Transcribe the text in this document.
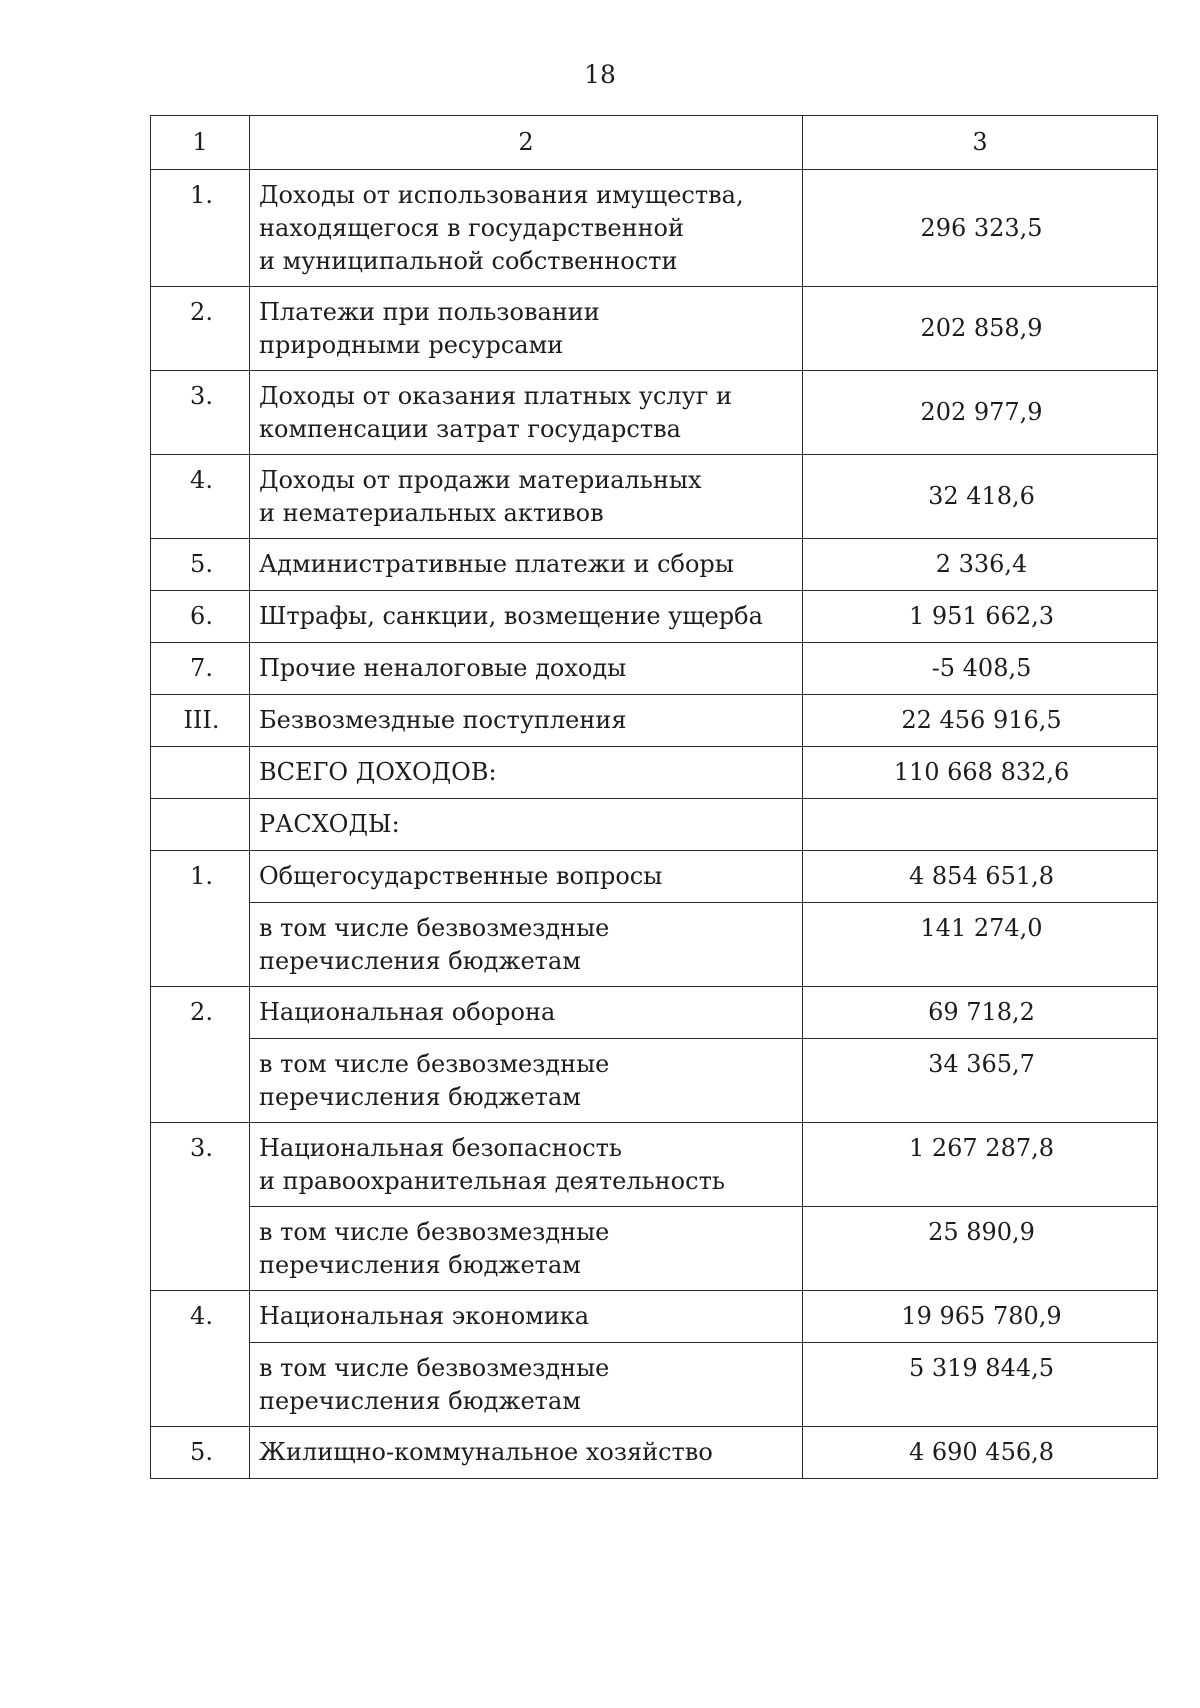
18
1	2	3
1.	Доходы от использования имущества,
находящегося в государственной
и муниципальной собственности	296 323,5
2.	Платежи при пользовании
природными ресурсами	202 858,9
3.	Доходы от оказания платных услуг и
компенсации затрат государства	202 977,9
4.	Доходы от продажи материальных
и нематериальных активов	32 418,6
5.	Административные платежи и сборы	2 336,4
6.	Штрафы, санкции, возмещение ущерба	1 951 662,3
7.	Прочие неналоговые доходы	-5 408,5
III.	Безвозмездные поступления	22 456 916,5
	ВСЕГО ДОХОДОВ:	110 668 832,6
	РАСХОДЫ:	
1.	Общегосударственные вопросы	4 854 651,8
	в том числе безвозмездные
перечисления бюджетам	141 274,0
2.	Национальная оборона	69 718,2
	в том числе безвозмездные
перечисления бюджетам	34 365,7
3.	Национальная безопасность
и правоохранительная деятельность	1 267 287,8
	в том числе безвозмездные
перечисления бюджетам	25 890,9
4.	Национальная экономика	19 965 780,9
	в том числе безвозмездные
перечисления бюджетам	5 319 844,5
5.	Жилищно-коммунальное хозяйство	4 690 456,8
